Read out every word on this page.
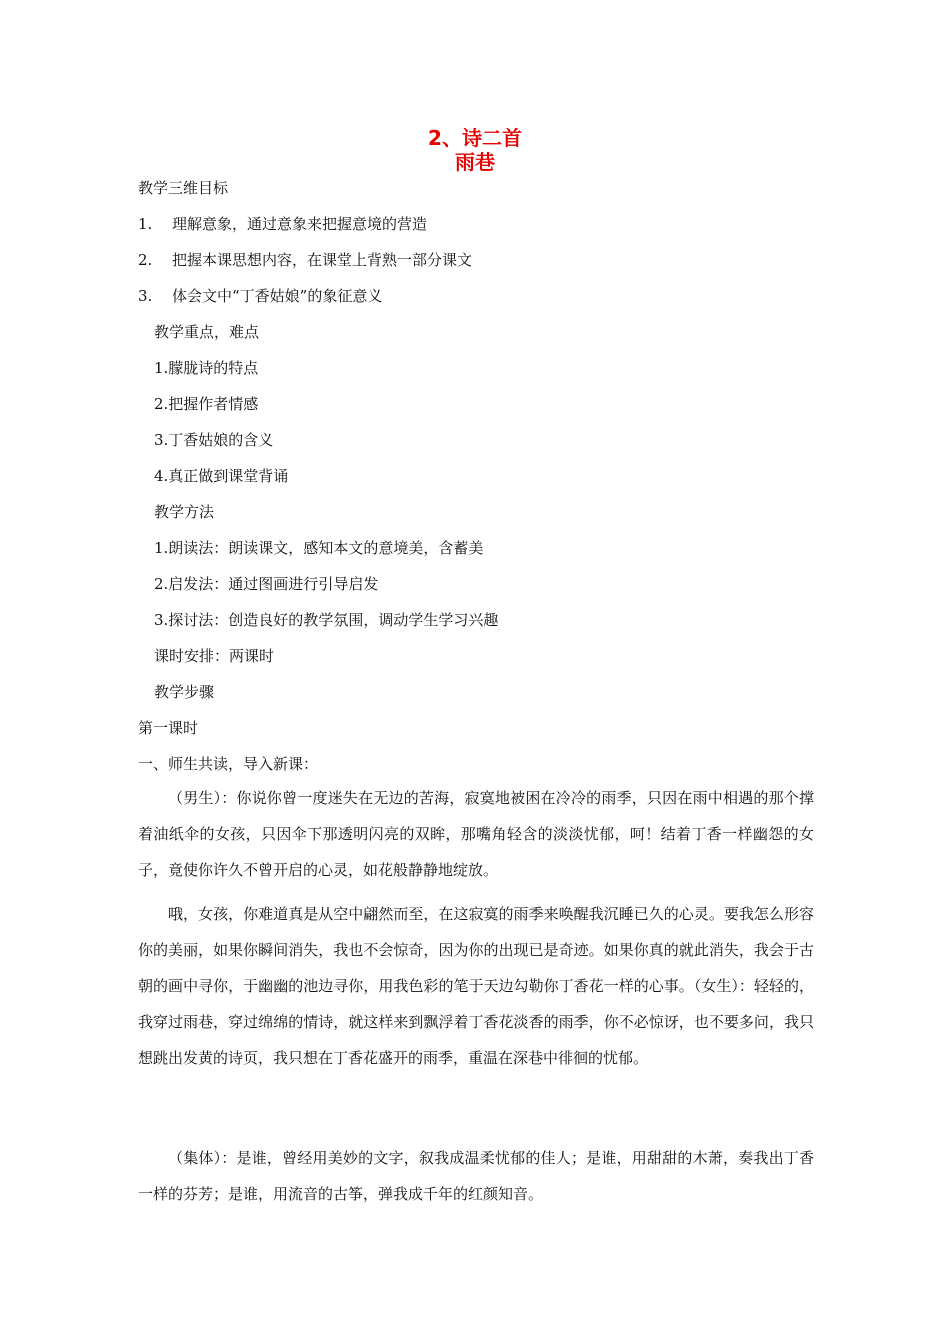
2、诗二首
雨巷
教学三维目标
1. 理解意象，通过意象来把握意境的营造
2. 把握本课思想内容，在课堂上背熟一部分课文
3. 体会文中“丁香姑娘”的象征意义
教学重点，难点
1.朦胧诗的特点
2.把握作者情感
3.丁香姑娘的含义
4.真正做到课堂背诵
教学方法
1.朗读法：朗读课文，感知本文的意境美，含蓄美
2.启发法：通过图画进行引导启发
3.探讨法：创造良好的教学氛围，调动学生学习兴趣
课时安排：两课时
教学步骤
第一课时
一、师生共读，导入新课：
（男生）：你说你曾一度迷失在无边的苦海，寂寞地被困在冷冷的雨季，只因在雨中相遇的那个撑着油纸伞的女孩，只因伞下那透明闪亮的双眸，那嘴角轻含的淡淡忧郁，呵！结着丁香一样幽怨的女子，竟使你许久不曾开启的心灵，如花般静静地绽放。
哦，女孩，你难道真是从空中翩然而至，在这寂寞的雨季来唤醒我沉睡已久的心灵。要我怎么形容你的美丽，如果你瞬间消失，我也不会惊奇，因为你的出现已是奇迹。如果你真的就此消失，我会于古朝的画中寻你，于幽幽的池边寻你，用我色彩的笔于天边勾勒你丁香花一样的心事。（女生）：轻轻的，我穿过雨巷，穿过绵绵的情诗，就这样来到飘浮着丁香花淡香的雨季，你不必惊讶，也不要多问，我只想跳出发黄的诗页，我只想在丁香花盛开的雨季，重温在深巷中徘徊的忧郁。
（集体）：是谁，曾经用美妙的文字，叙我成温柔忧郁的佳人；是谁，用甜甜的木萧，奏我出丁香一样的芬芳；是谁，用流音的古筝，弹我成千年的红颜知音。
